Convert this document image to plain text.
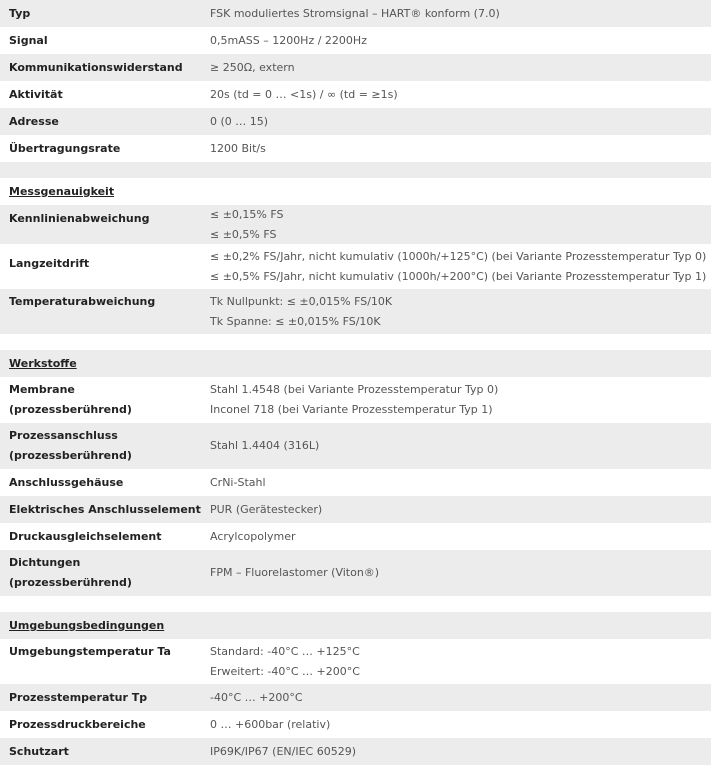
Typ	FSK moduliertes Stromsignal – HART® konform (7.0)
Signal	0,5mASS – 1200Hz / 2200Hz
Kommunikationswiderstand	≥ 250Ω, extern
Aktivität	20s (td = 0 … <1s) / ∞ (td = ≥1s)
Adresse	0 (0 … 15)
Übertragungsrate	1200 Bit/s

Messgenauigkeit	
Kennlinienabweichung	≤ ±0,15% FS
≤ ±0,5% FS

Langzeitdrift	≤ ±0,2% FS/Jahr, nicht kumulativ (1000h/+125°C) (bei Variante Prozesstemperatur Typ 0)
≤ ±0,5% FS/Jahr, nicht kumulativ (1000h/+200°C) (bei Variante Prozesstemperatur Typ 1)

Temperaturabweichung	Tk Nullpunkt: ≤ ±0,015% FS/10K
Tk Spanne: ≤ ±0,015% FS/10K

Werkstoffe	

Membrane
(prozessberührend)	Stahl 1.4548 (bei Variante Prozesstemperatur Typ 0)
Inconel 718 (bei Variante Prozesstemperatur Typ 1)

Prozessanschluss
(prozessberührend)	Stahl 1.4404 (316L)
Anschlussgehäuse	CrNi-Stahl
Elektrisches Anschlusselement	PUR (Gerätestecker)
Druckausgleichselement	Acrylcopolymer

Dichtungen
(prozessberührend)	FPM – Fluorelastomer (Viton®)

Umgebungsbedingungen	
Umgebungstemperatur Ta	Standard: -40°C … +125°C
Erweitert: -40°C … +200°C

Prozesstemperatur Tp	-40°C … +200°C
Prozessdruckbereiche	0 … +600bar (relativ)
Schutzart	IP69K/IP67 (EN/IEC 60529)
